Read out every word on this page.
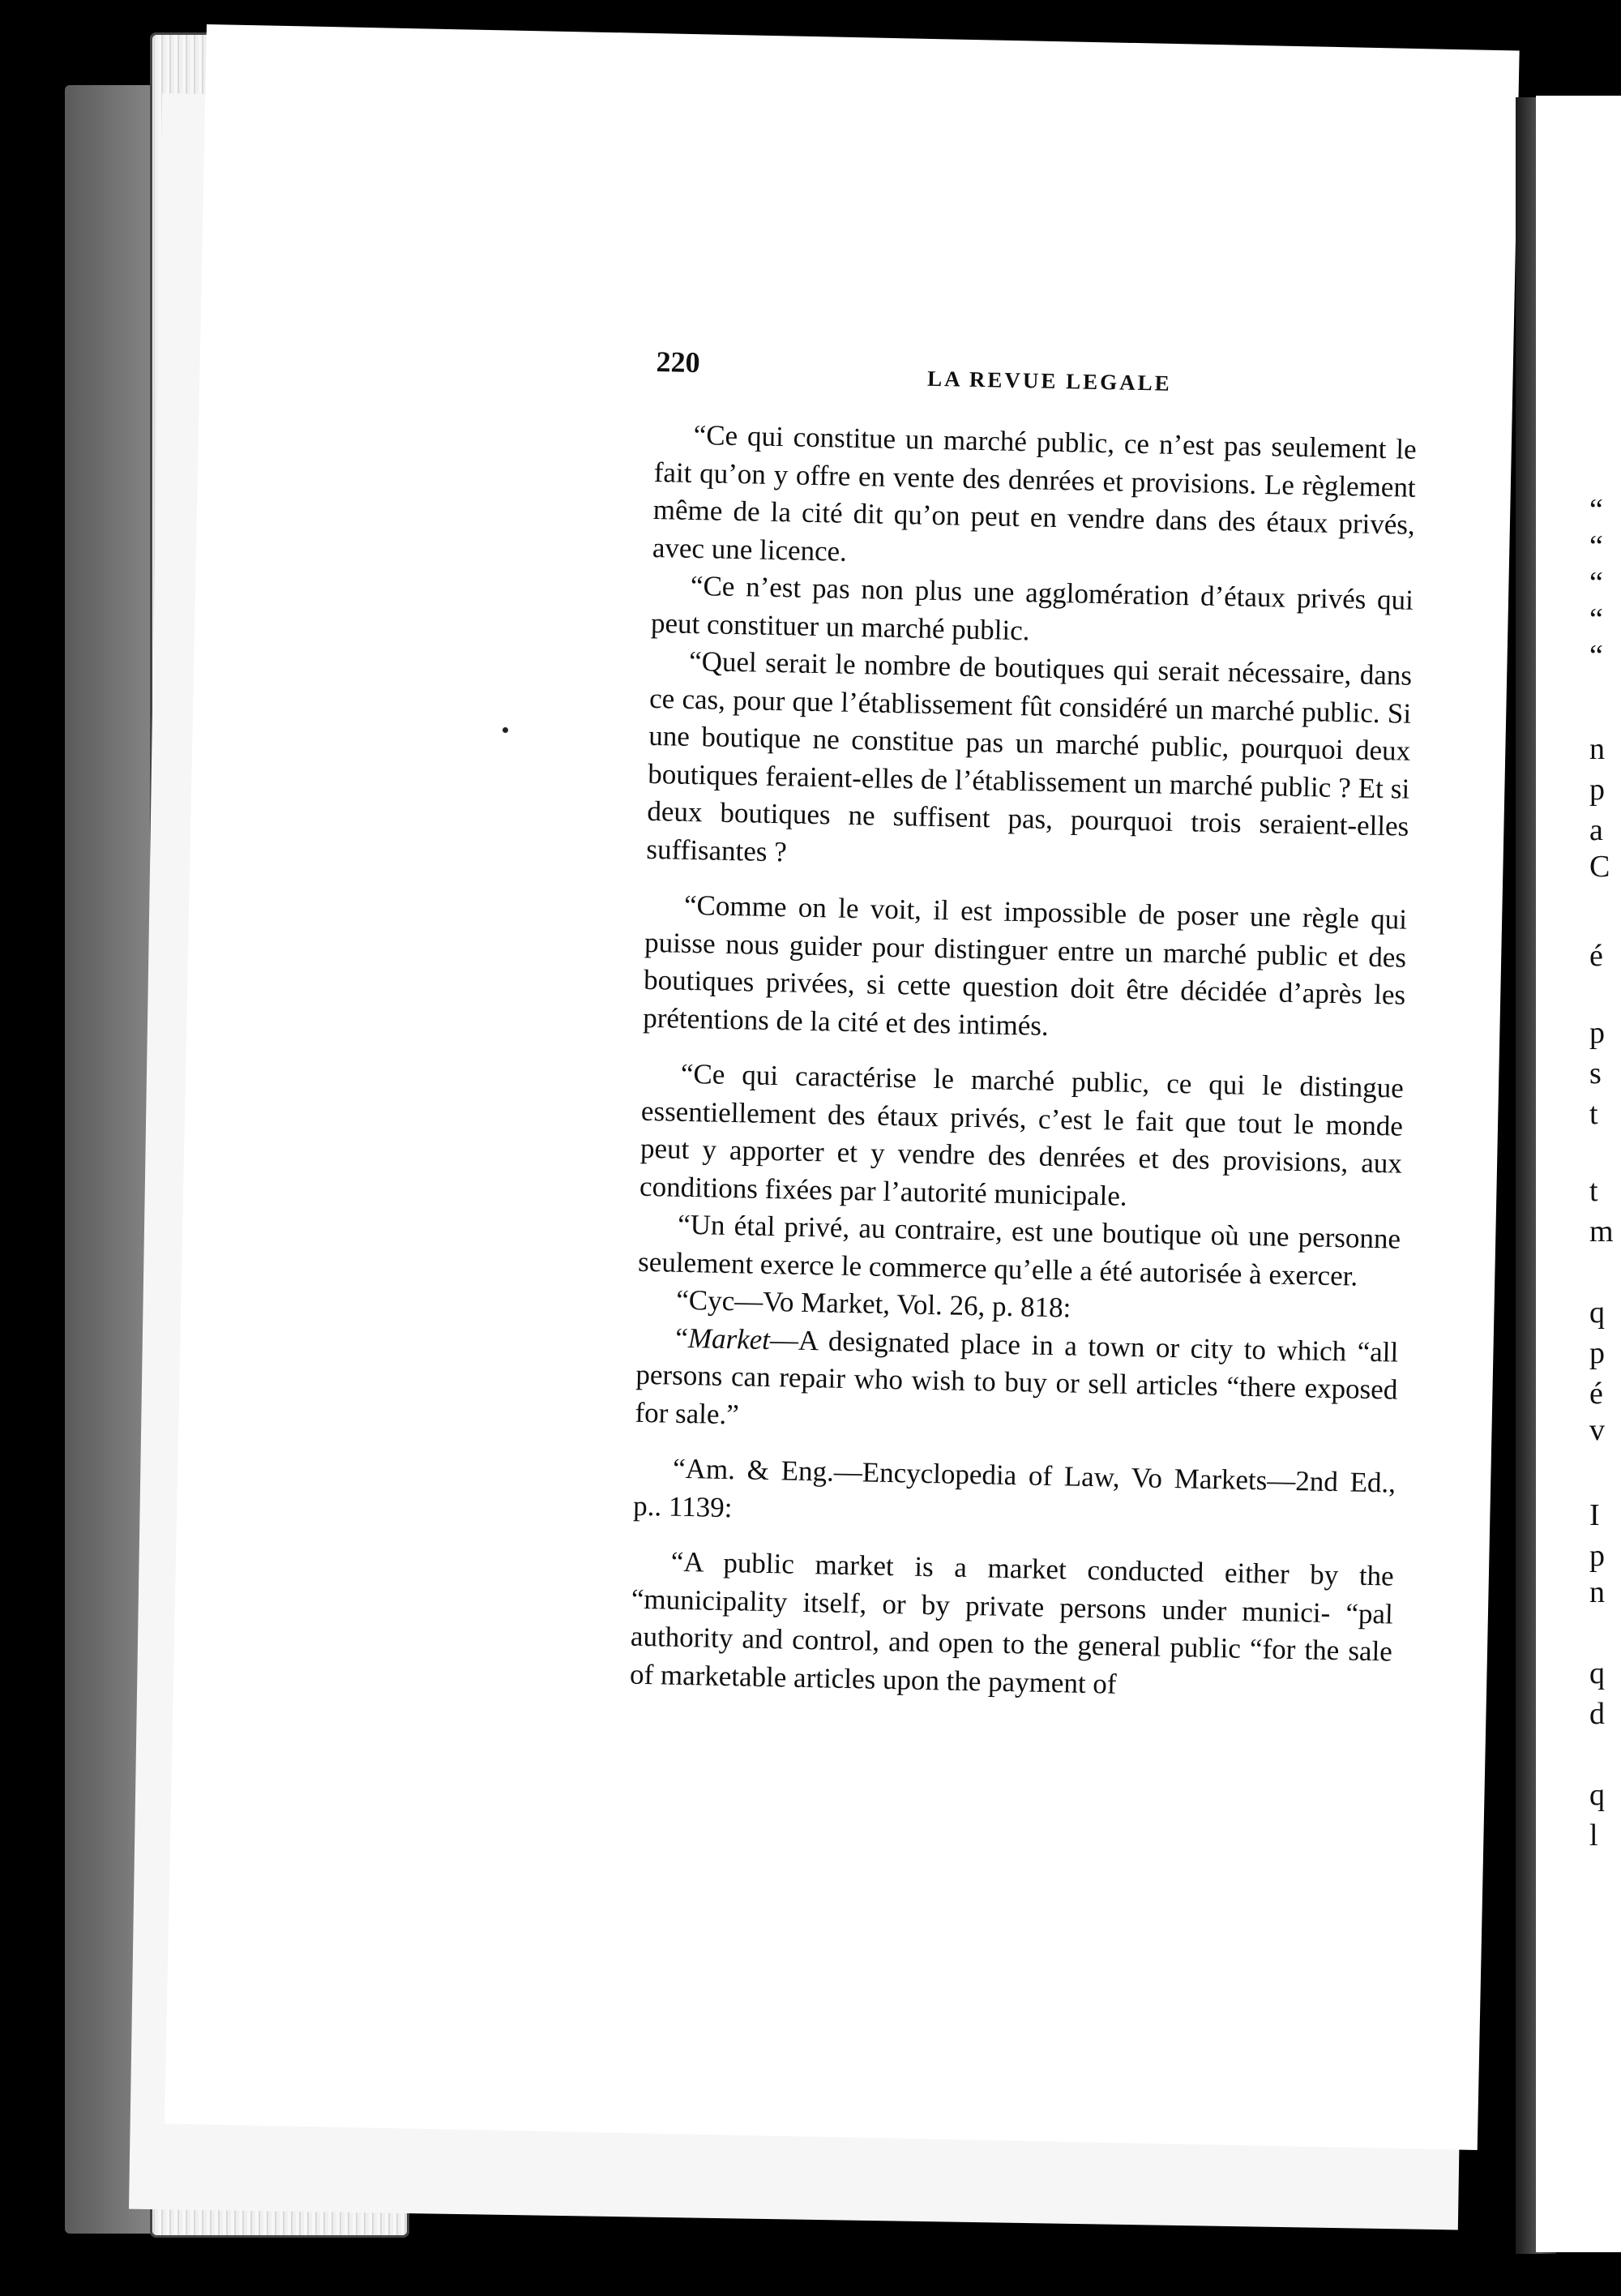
“
“
“
“
“
n
p
a
C
é
p
s
t
t
m
q
p
é
v
I
p
n
q
d
q
l

220

LA REVUE LEGALE

“Ce qui constitue un marché public, ce n’est pas seulement le fait qu’on y offre en vente des denrées et provisions. Le règlement même de la cité dit qu’on peut en vendre dans des étaux privés, avec une licence.

“Ce n’est pas non plus une agglomération d’étaux privés qui peut constituer un marché public.

“Quel serait le nombre de boutiques qui serait nécessaire, dans ce cas, pour que l’établissement fût considéré un marché public. Si une boutique ne constitue pas un marché public, pourquoi deux boutiques feraient-elles de l’établissement un marché public ? Et si deux boutiques ne suffisent pas, pourquoi trois seraient-elles suffisantes ?

“Comme on le voit, il est impossible de poser une règle qui puisse nous guider pour distinguer entre un marché public et des boutiques privées, si cette question doit être décidée d’après les prétentions de la cité et des intimés.

“Ce qui caractérise le marché public, ce qui le distingue essentiellement des étaux privés, c’est le fait que tout le monde peut y apporter et y vendre des denrées et des provisions, aux conditions fixées par l’autorité municipale.

“Un étal privé, au contraire, est une boutique où une personne seulement exerce le commerce qu’elle a été autorisée à exercer.

“Cyc—Vo Market, Vol. 26, p. 818:

“Market—A designated place in a town or city to which “all persons can repair who wish to buy or sell articles “there exposed for sale.”

“Am. & Eng.—Encyclopedia of Law, Vo Markets—2nd Ed., p.. 1139:

“A public market is a market conducted either by the “municipality itself, or by private persons under munici- “pal authority and control, and open to the general public “for the sale of marketable articles upon the payment of
